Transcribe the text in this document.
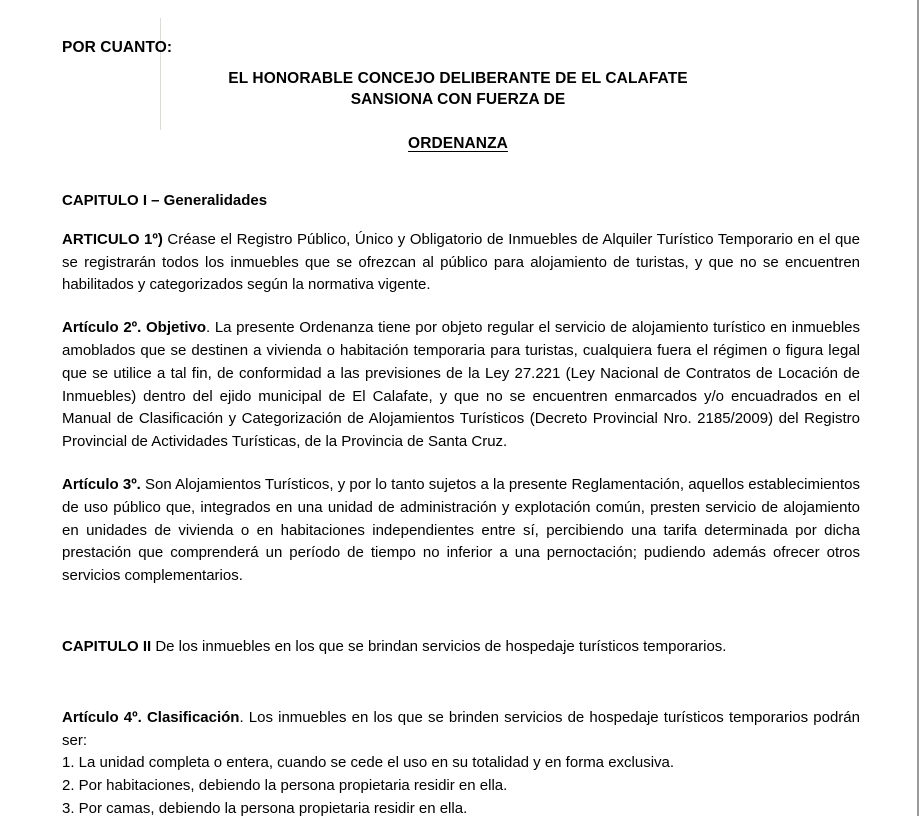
POR CUANTO:
EL HONORABLE CONCEJO DELIBERANTE DE EL CALAFATE
SANSIONA CON FUERZA DE
ORDENANZA
CAPITULO I – Generalidades

ARTICULO 1º) Créase el Registro Público, Único y Obligatorio de Inmuebles de Alquiler Turístico Temporario en el que se registrarán todos los inmuebles que se ofrezcan al público para alojamiento de turistas, y que no se encuentren habilitados y categorizados según la normativa vigente.

Artículo 2º. Objetivo. La presente Ordenanza tiene por objeto regular el servicio de alojamiento turístico en inmuebles amoblados que se destinen a vivienda o habitación temporaria para turistas, cualquiera fuera el régimen o figura legal que se utilice a tal fin, de conformidad a las previsiones de la Ley 27.221 (Ley Nacional de Contratos de Locación de Inmuebles) dentro del ejido municipal de El Calafate, y que no se encuentren enmarcados y/o encuadrados en el Manual de Clasificación y Categorización de Alojamientos Turísticos (Decreto Provincial Nro. 2185/2009) del Registro Provincial de Actividades Turísticas, de la Provincia de Santa Cruz.

Artículo 3º. Son Alojamientos Turísticos, y por lo tanto sujetos a la presente Reglamentación, aquellos establecimientos de uso público que, integrados en una unidad de administración y explotación común, presten servicio de alojamiento en unidades de vivienda o en habitaciones independientes entre sí, percibiendo una tarifa determinada por dicha prestación que comprenderá un período de tiempo no inferior a una pernoctación; pudiendo además ofrecer otros servicios complementarios.

CAPITULO II De los inmuebles en los que se brindan servicios de hospedaje turísticos temporarios.

Artículo 4º. Clasificación. Los inmuebles en los que se brinden servicios de hospedaje turísticos temporarios podrán ser:

1. La unidad completa o entera, cuando se cede el uso en su totalidad y en forma exclusiva.
2. Por habitaciones, debiendo la persona propietaria residir en ella.
3. Por camas, debiendo la persona propietaria residir en ella.
